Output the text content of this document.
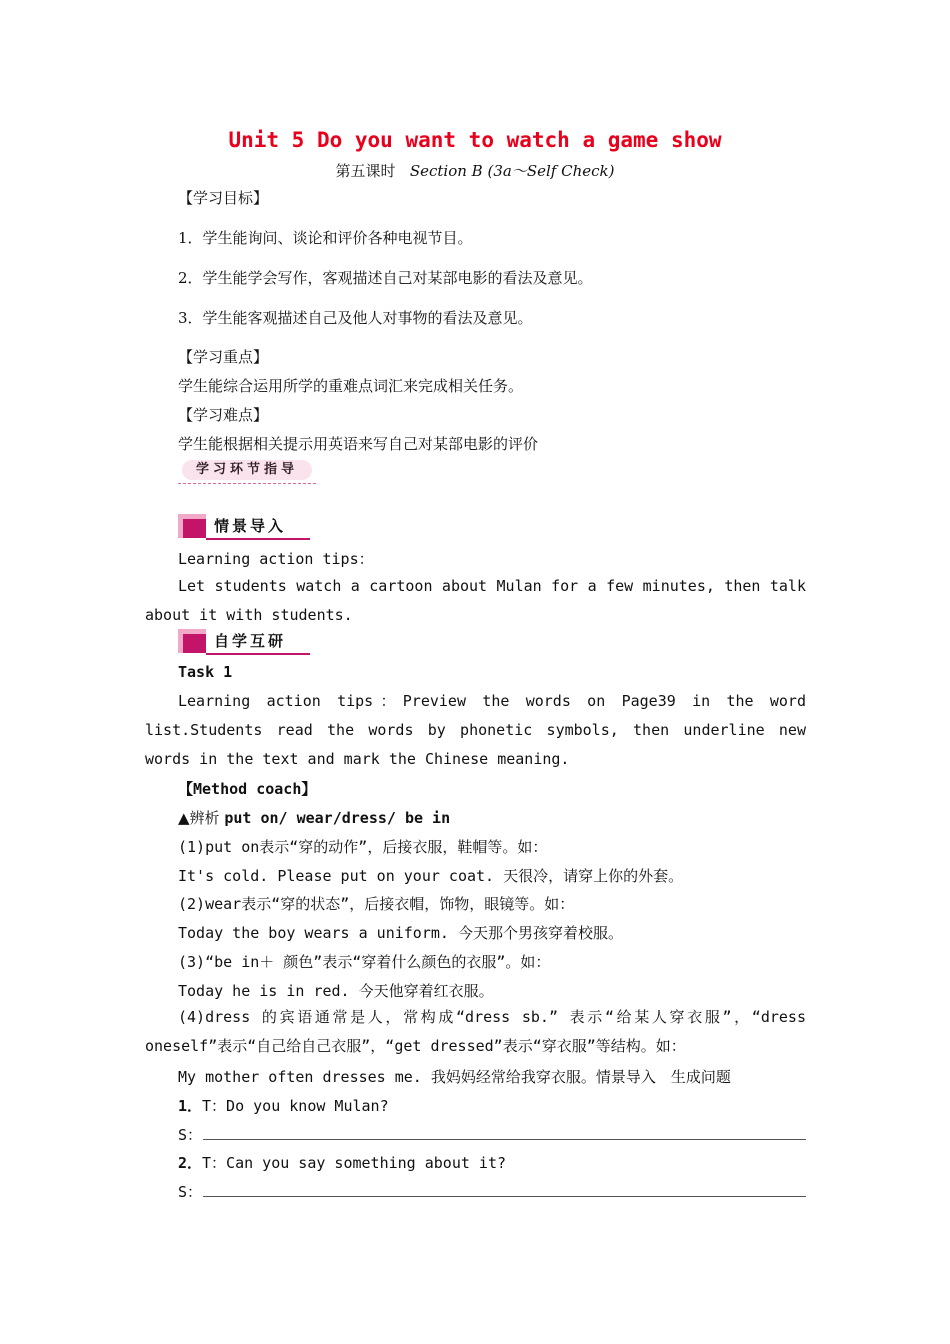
Unit 5 Do you want to watch a game show
第五课时 Section B (3a～Self Check)
【学习目标】
1．学生能询问、谈论和评价各种电视节目。
2．学生能学会写作，客观描述自己对某部电影的看法及意见。
3．学生能客观描述自己及他人对事物的看法及意见。
【学习重点】
学生能综合运用所学的重难点词汇来完成相关任务。
【学习难点】
学生能根据相关提示用英语来写自己对某部电影的评价
学习环节指导
情景导入
Learning action tips：
Let students watch a cartoon about Mulan for a few minutes, then talk about it with students.
自学互研
Task 1
Learning action tips：Preview the words on Page39 in the word list.Students read the words by phonetic symbols, then underline new words in the text and mark the Chinese meaning.
【Method coach】
▲辨析 put on/ wear/dress/ be in
(1)put on表示“穿的动作”，后接衣服，鞋帽等。如：
It's cold. Please put on your coat. 天很冷，请穿上你的外套。
(2)wear表示“穿的状态”，后接衣帽，饰物，眼镜等。如：
Today the boy wears a uniform. 今天那个男孩穿着校服。
(3)“be in＋ 颜色”表示“穿着什么颜色的衣服”。如：
Today he is in red. 今天他穿着红衣服。
(4)dress 的宾语通常是人，常构成“dress sb.” 表示“给某人穿衣服”，“dress oneself”表示“自己给自己衣服”，“get dressed”表示“穿衣服”等结构。如：
My mother often dresses me. 我妈妈经常给我穿衣服。情景导入　生成问题
1．T：Do you know Mulan?
S：
2．T：Can you say something about it?
S：
